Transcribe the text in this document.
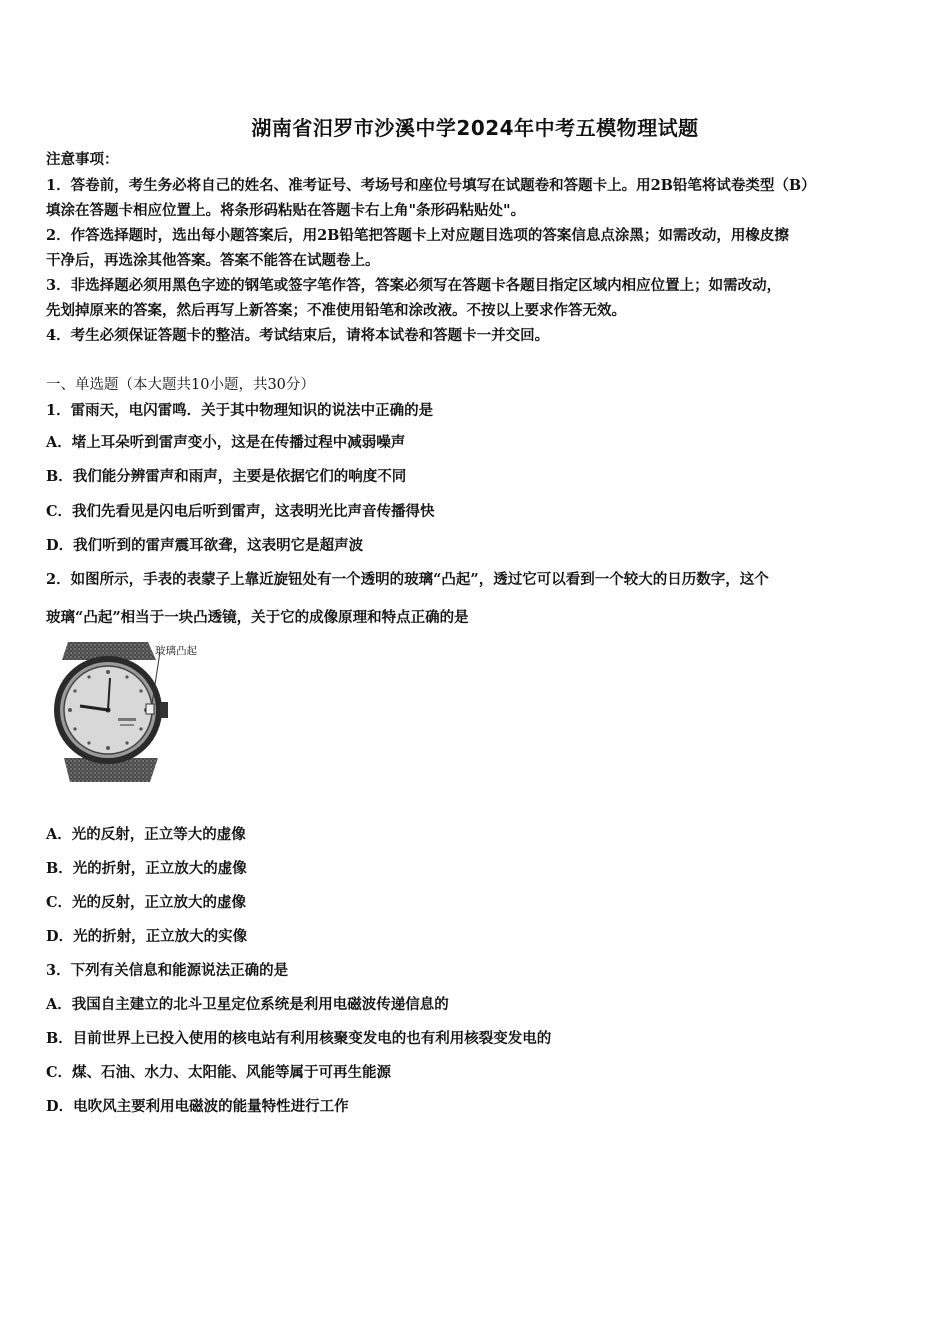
湖南省汨罗市沙溪中学2024年中考五模物理试题
注意事项：
1．答卷前，考生务必将自己的姓名、准考证号、考场号和座位号填写在试题卷和答题卡上。用2B铅笔将试卷类型（B）
填涂在答题卡相应位置上。将条形码粘贴在答题卡右上角"条形码粘贴处"。
2．作答选择题时，选出每小题答案后，用2B铅笔把答题卡上对应题目选项的答案信息点涂黑；如需改动，用橡皮擦
干净后，再选涂其他答案。答案不能答在试题卷上。
3．非选择题必须用黑色字迹的钢笔或签字笔作答，答案必须写在答题卡各题目指定区域内相应位置上；如需改动，
先划掉原来的答案，然后再写上新答案；不准使用铅笔和涂改液。不按以上要求作答无效。
4．考生必须保证答题卡的整洁。考试结束后，请将本试卷和答题卡一并交回。
一、单选题（本大题共10小题，共30分）
1．雷雨天，电闪雷鸣．关于其中物理知识的说法中正确的是
A．堵上耳朵听到雷声变小，这是在传播过程中减弱噪声
B．我们能分辨雷声和雨声，主要是依据它们的响度不同
C．我们先看见是闪电后听到雷声，这表明光比声音传播得快
D．我们听到的雷声震耳欲聋，这表明它是超声波
2．如图所示，手表的表蒙子上靠近旋钮处有一个透明的玻璃“凸起”，透过它可以看到一个较大的日历数字，这个
玻璃“凸起”相当于一块凸透镜，关于它的成像原理和特点正确的是
玻璃凸起
A．光的反射，正立等大的虚像
B．光的折射，正立放大的虚像
C．光的反射，正立放大的虚像
D．光的折射，正立放大的实像
3．下列有关信息和能源说法正确的是
A．我国自主建立的北斗卫星定位系统是利用电磁波传递信息的
B．目前世界上已投入使用的核电站有利用核聚变发电的也有利用核裂变发电的
C．煤、石油、水力、太阳能、风能等属于可再生能源
D．电吹风主要利用电磁波的能量特性进行工作
